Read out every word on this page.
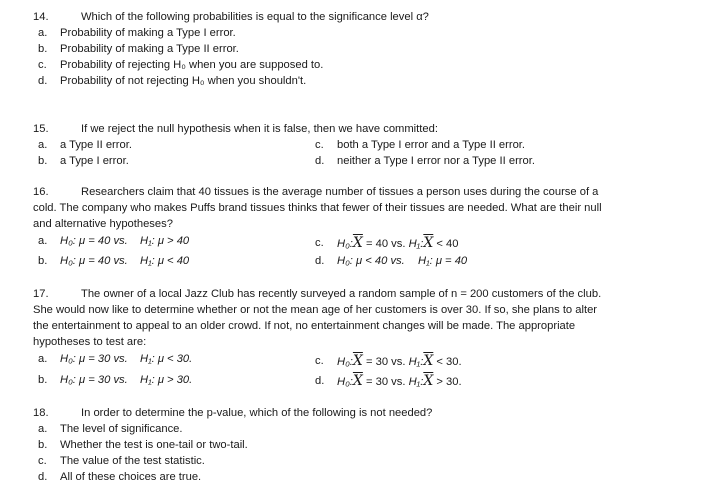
14.	Which of the following probabilities is equal to the significance level α?
a. Probability of making a Type I error.
b. Probability of making a Type II error.
c. Probability of rejecting H₀ when you are supposed to.
d. Probability of not rejecting H₀ when you shouldn't.
15.	If we reject the null hypothesis when it is false, then we have committed:
a. a Type II error.
b. a Type I error.
c. both a Type I error and a Type II error.
d. neither a Type I error nor a Type II error.
16.	Researchers claim that 40 tissues is the average number of tissues a person uses during the course of a
cold. The company who makes Puffs brand tissues thinks that fewer of their tissues are needed. What are their null
and alternative hypotheses?
a. H₀: μ = 40 vs. H₁: μ > 40
b. H₀: μ = 40 vs. H₁: μ < 40
c. $H_0:\overline{X} = 40$ vs. $H_1:\overline{X} < 40$
d. H₀: μ < 40 vs. H₁: μ = 40
17.	The owner of a local Jazz Club has recently surveyed a random sample of n = 200 customers of the club.
She would now like to determine whether or not the mean age of her customers is over 30. If so, she plans to alter
the entertainment to appeal to an older crowd. If not, no entertainment changes will be made. The appropriate
hypotheses to test are:
a. H₀: μ = 30 vs. H₁: μ < 30.
b. H₀: μ = 30 vs. H₁: μ > 30.
c. $H_0:\overline{X} = 30$ vs. $H_1:\overline{X} < 30$.
d. $H_0:\overline{X} = 30$ vs. $H_1:\overline{X} > 30$.
18.	In order to determine the p-value, which of the following is not needed?
a. The level of significance.
b. Whether the test is one-tail or two-tail.
c. The value of the test statistic.
d. All of these choices are true.
